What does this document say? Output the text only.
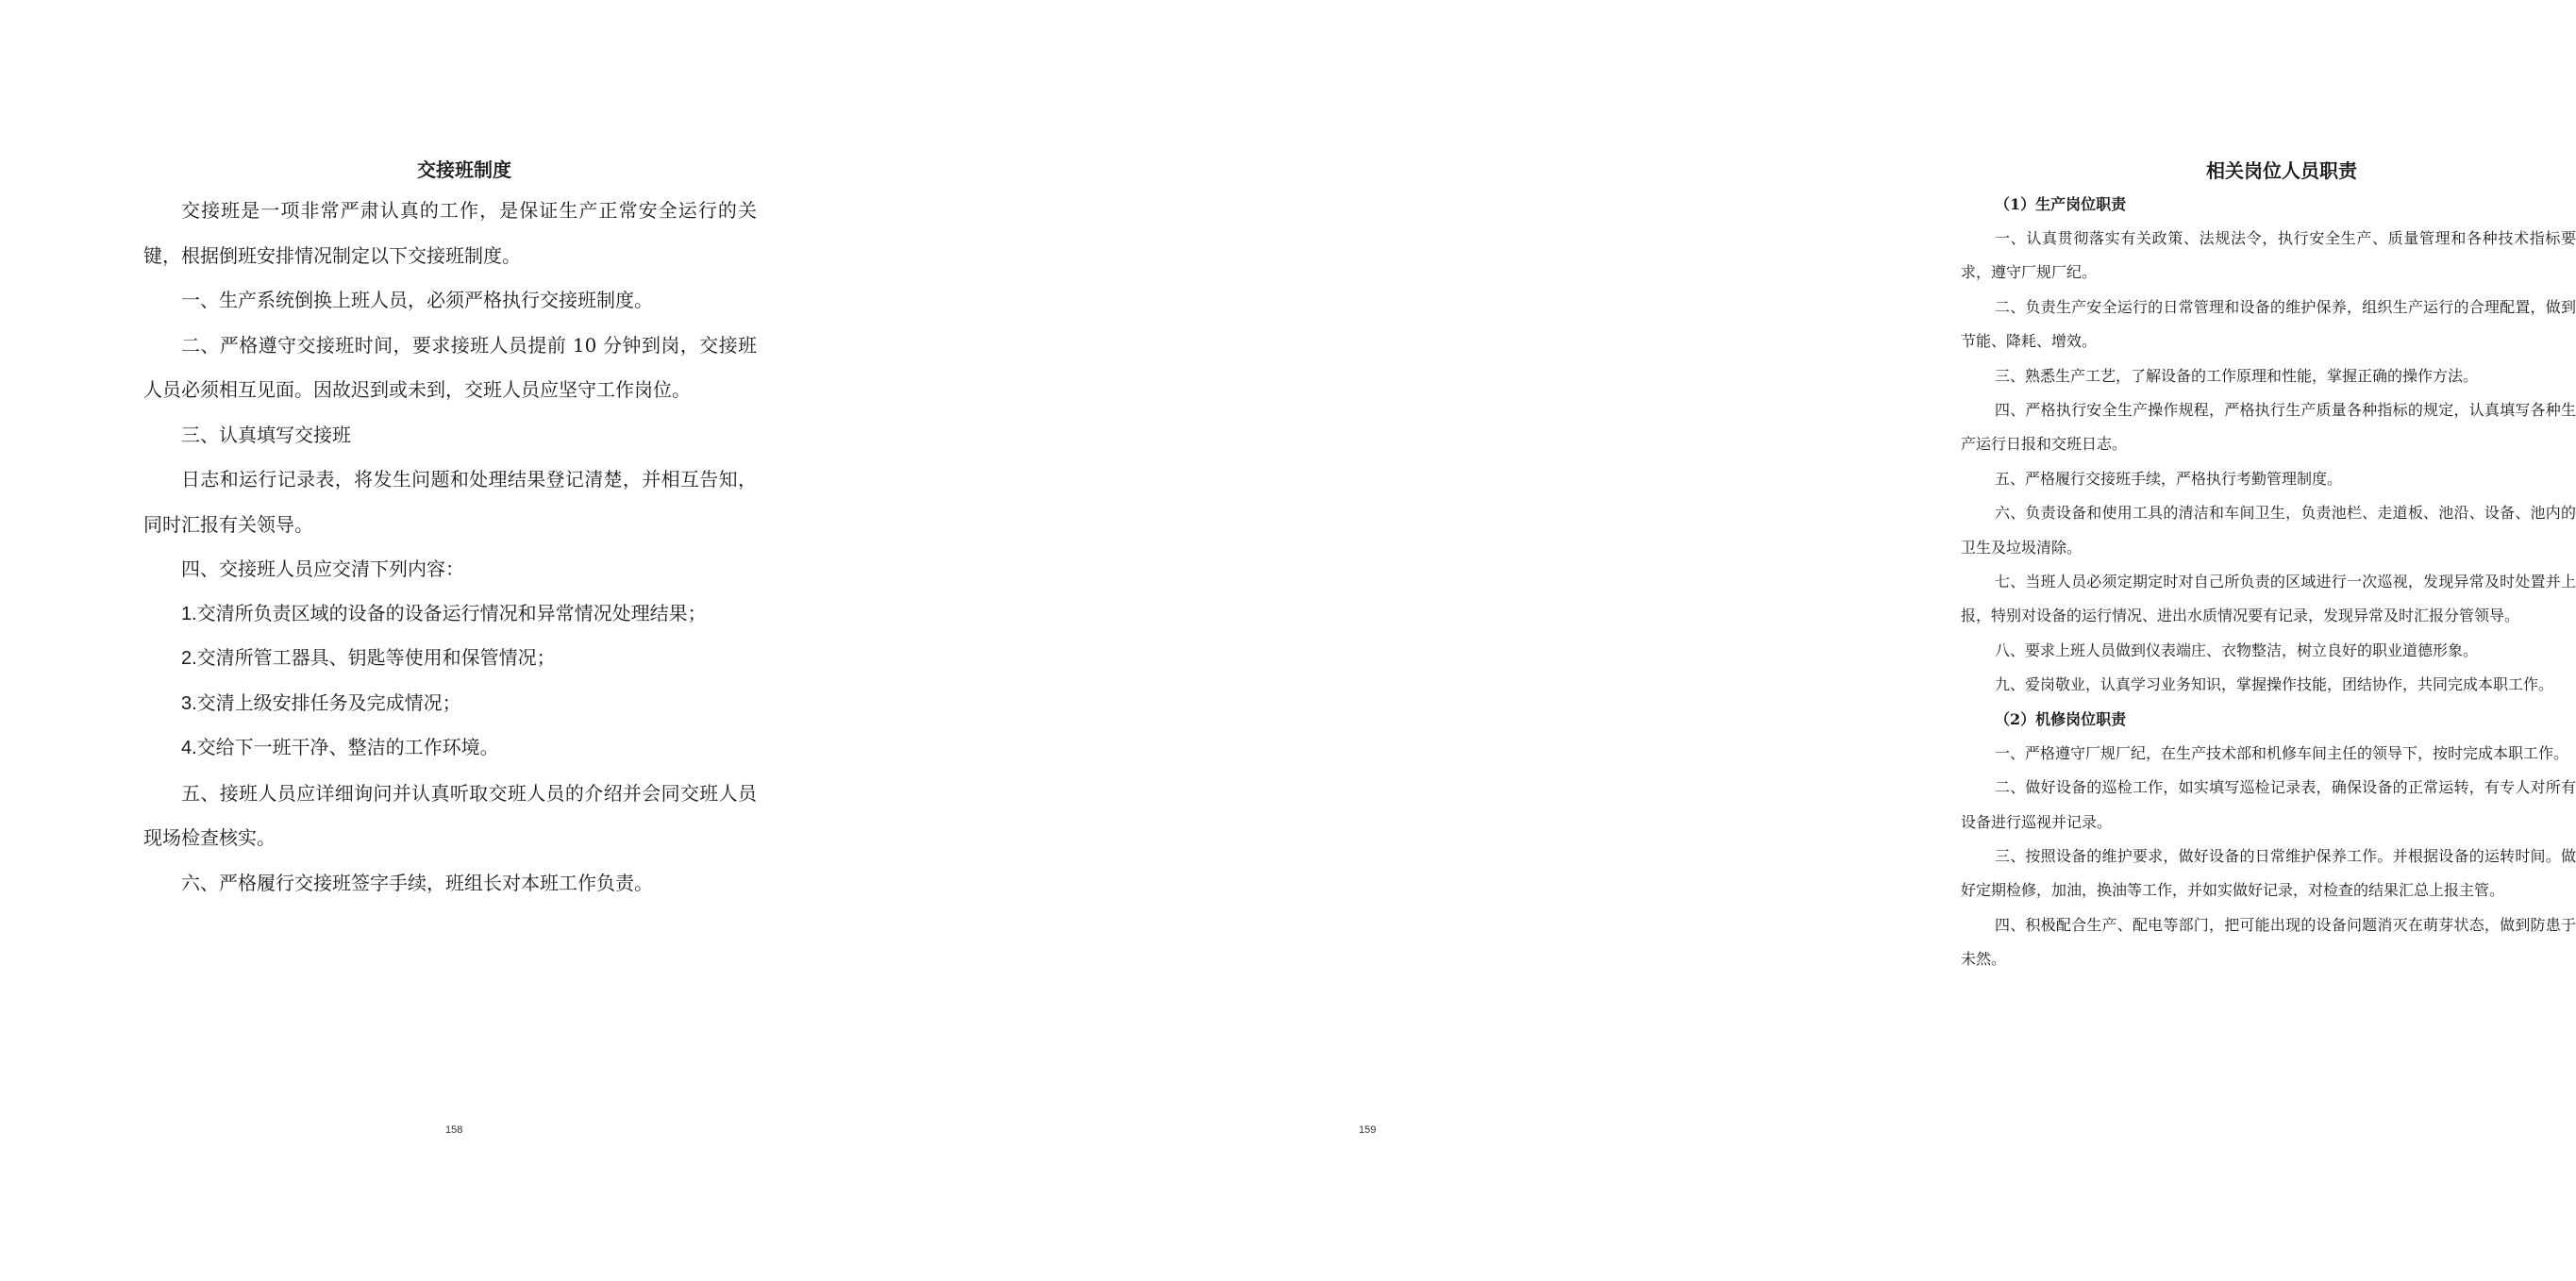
交接班制度

交接班是一项非常严肃认真的工作，是保证生产正常安全运行的关键，根据倒班安排情况制定以下交接班制度。

一、生产系统倒换上班人员，必须严格执行交接班制度。

二、严格遵守交接班时间，要求接班人员提前 10 分钟到岗，交接班人员必须相互见面。因故迟到或未到，交班人员应坚守工作岗位。

三、认真填写交接班

日志和运行记录表，将发生问题和处理结果登记清楚，并相互告知，同时汇报有关领导。

四、交接班人员应交清下列内容：

1.交清所负责区域的设备的设备运行情况和异常情况处理结果；

2.交清所管工器具、钥匙等使用和保管情况；

3.交清上级安排任务及完成情况；

4.交给下一班干净、整洁的工作环境。

五、接班人员应详细询问并认真听取交班人员的介绍并会同交班人员现场检查核实。

六、严格履行交接班签字手续，班组长对本班工作负责。

158
相关岗位人员职责
（1）生产岗位职责

一、认真贯彻落实有关政策、法规法令，执行安全生产、质量管理和各种技术指标要求，遵守厂规厂纪。

二、负责生产安全运行的日常管理和设备的维护保养，组织生产运行的合理配置，做到节能、降耗、增效。

三、熟悉生产工艺，了解设备的工作原理和性能，掌握正确的操作方法。

四、严格执行安全生产操作规程，严格执行生产质量各种指标的规定，认真填写各种生产运行日报和交班日志。

五、严格履行交接班手续，严格执行考勤管理制度。

六、负责设备和使用工具的清洁和车间卫生，负责池栏、走道板、池沿、设备、池内的卫生及垃圾清除。

七、当班人员必须定期定时对自己所负责的区域进行一次巡视，发现异常及时处置并上报，特别对设备的运行情况、进出水质情况要有记录，发现异常及时汇报分管领导。

八、要求上班人员做到仪表端庄、衣物整洁，树立良好的职业道德形象。

九、爱岗敬业，认真学习业务知识，掌握操作技能，团结协作，共同完成本职工作。

（2）机修岗位职责

一、严格遵守厂规厂纪，在生产技术部和机修车间主任的领导下，按时完成本职工作。

二、做好设备的巡检工作，如实填写巡检记录表，确保设备的正常运转，有专人对所有设备进行巡视并记录。

三、按照设备的维护要求，做好设备的日常维护保养工作。并根据设备的运转时间。做好定期检修，加油，换油等工作，并如实做好记录，对检查的结果汇总上报主管。

四、积极配合生产、配电等部门，把可能出现的设备问题消灭在萌芽状态，做到防患于未然。

159
